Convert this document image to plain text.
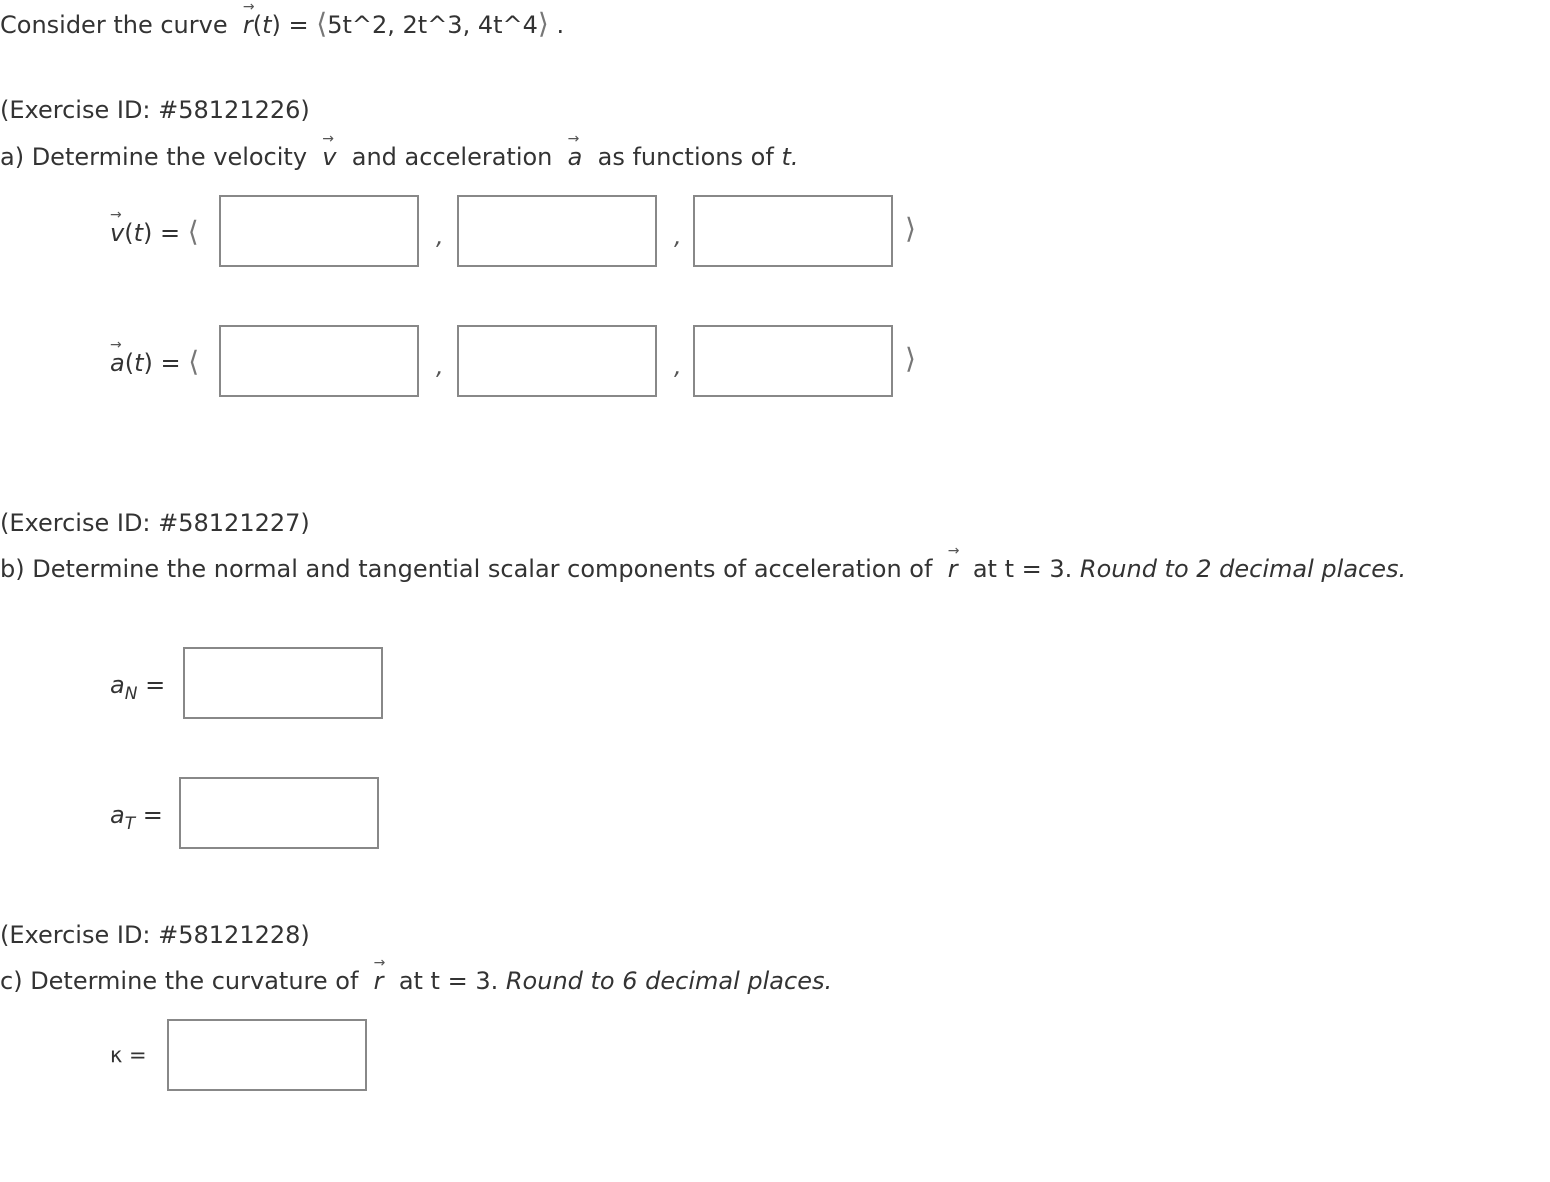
Consider the curve → r(t) = ⟨5t^2, 2t^3, 4t^4⟩ .
(Exercise ID: #58121226)
a) Determine the velocity → v and acceleration → a as functions of t.
→ v(t) = ⟨	,	,	⟩
→ a(t) = ⟨	,	,	⟩
(Exercise ID: #58121227)
b) Determine the normal and tangential scalar components of acceleration of → r at t = 3. Round to 2 decimal places.
$a_N$ =
$a_T$ =
(Exercise ID: #58121228)
c) Determine the curvature of → r at t = 3. Round to 6 decimal places.
κ =
